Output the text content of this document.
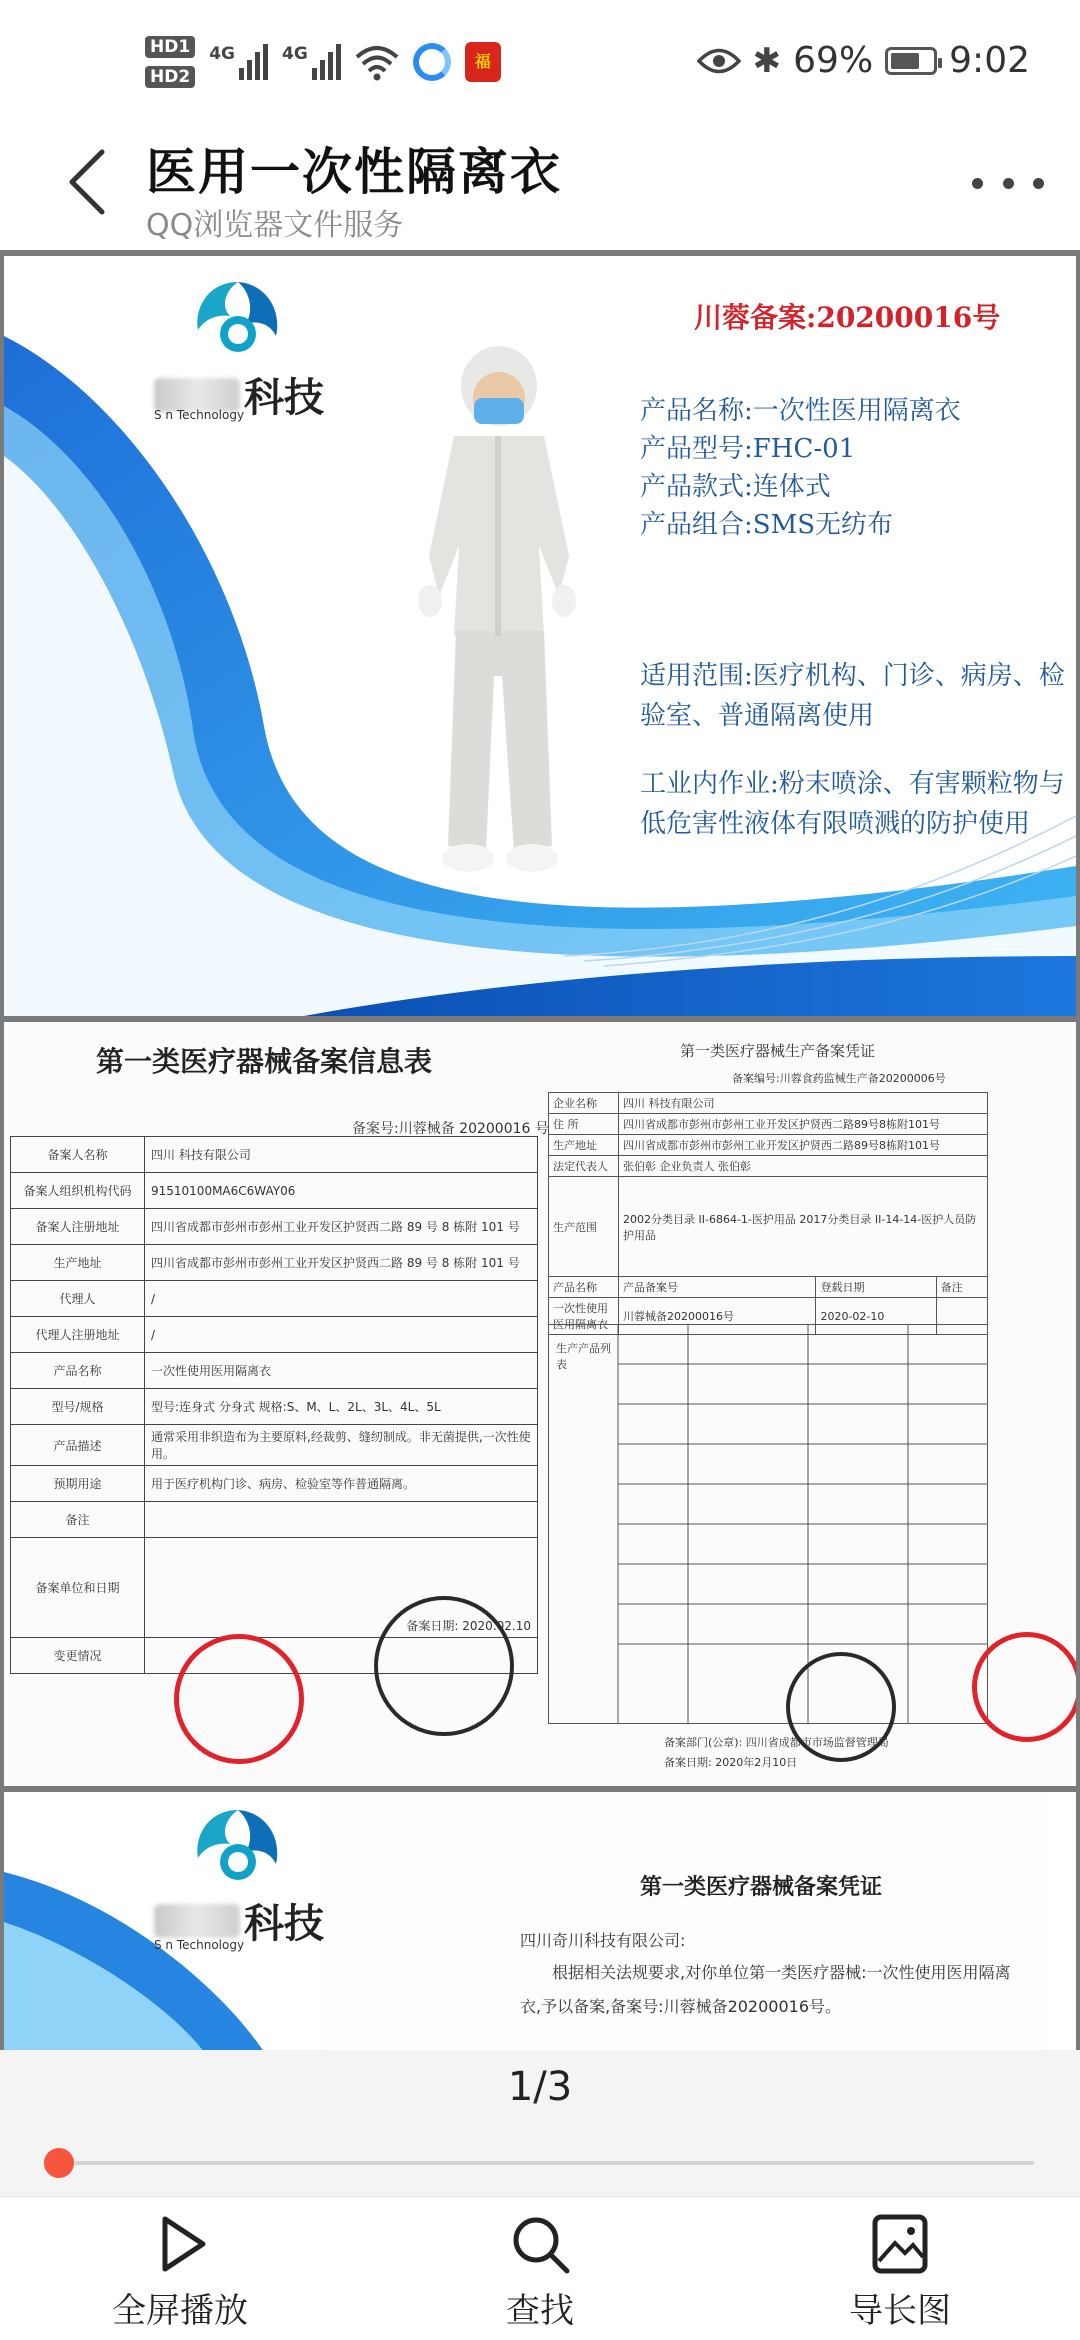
HD1
HD2
4G	4G	福	✱ 69% 9:02
医用一次性隔离衣
QQ浏览器文件服务
科技
S n Technology
川蓉备案:20200016号
产品名称:一次性医用隔离衣
产品型号:FHC-01
产品款式:连体式
产品组合:SMS无纺布
适用范围:医疗机构、门诊、病房、检验室、普通隔离使用
工业内作业:粉末喷涂、有害颗粒物与低危害性液体有限喷溅的防护使用
第一类医疗器械备案信息表
备案号:川蓉械备 20200016 号
备案人名称	四川 科技有限公司
备案人组织机构代码	91510100MA6C6WAY06
备案人注册地址	四川省成都市彭州市彭州工业开发区护贤西二路 89 号 8 栋附 101 号
生产地址	四川省成都市彭州市彭州工业开发区护贤西二路 89 号 8 栋附 101 号
代理人	/
代理人注册地址	/
产品名称	一次性使用医用隔离衣
型号/规格	型号:连身式 分身式 规格:S、M、L、2L、3L、4L、5L
产品描述	通常采用非织造布为主要原料,经裁剪、缝纫制成。非无菌提供,一次性使用。
预期用途	用于医疗机构门诊、病房、检验室等作普通隔离。
备注	
备案单位和日期	备案日期: 2020.02.10
变更情况	
第一类医疗器械生产备案凭证
备案编号:川蓉食药监械生产备20200006号
企业名称	四川 科技有限公司		
住 所	四川省成都市彭州市彭州工业开发区护贤西二路89号8栋附101号		
生产地址	四川省成都市彭州市彭州工业开发区护贤西二路89号8栋附101号		
法定代表人	张伯彰 企业负责人 张伯彰		
生产范围	2002分类目录 II-6864-1-医护用品 2017分类目录 II-14-14-医护人员防护用品		
产品名称	产品备案号	登载日期	备注
一次性使用医用隔离衣	川蓉械备20200016号	2020-02-10	
生产产品列表
备案部门(公章): 四川省成都市市场监督管理局
备案日期: 2020年2月10日
科技
S n Technology
第一类医疗器械备案凭证
四川奇川科技有限公司:
根据相关法规要求,对你单位第一类医疗器械:一次性使用医用隔离衣,予以备案,备案号:川蓉械备20200016号。
1/3
全屏播放	查找	导长图
